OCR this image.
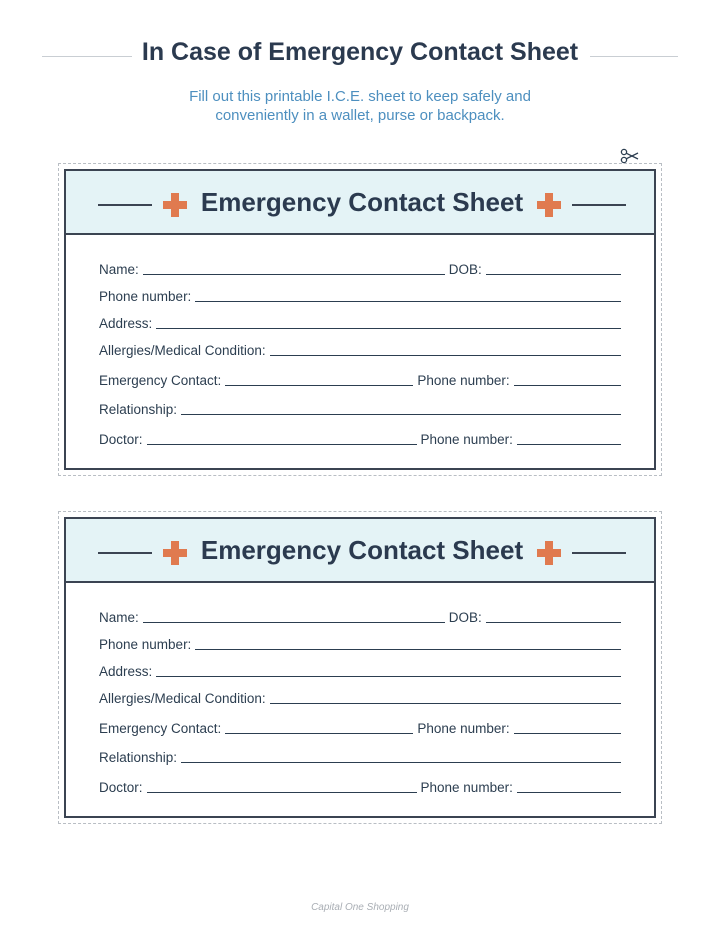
In Case of Emergency Contact Sheet
Fill out this printable I.C.E. sheet to keep safely and
conveniently in a wallet, purse or backpack.
Emergency Contact Sheet
Name:	DOB:
Phone number:
Address:
Allergies/Medical Condition:
Emergency Contact:	Phone number:
Relationship:
Doctor:	Phone number:
Emergency Contact Sheet
Name:	DOB:
Phone number:
Address:
Allergies/Medical Condition:
Emergency Contact:	Phone number:
Relationship:
Doctor:	Phone number:
Capital One Shopping
